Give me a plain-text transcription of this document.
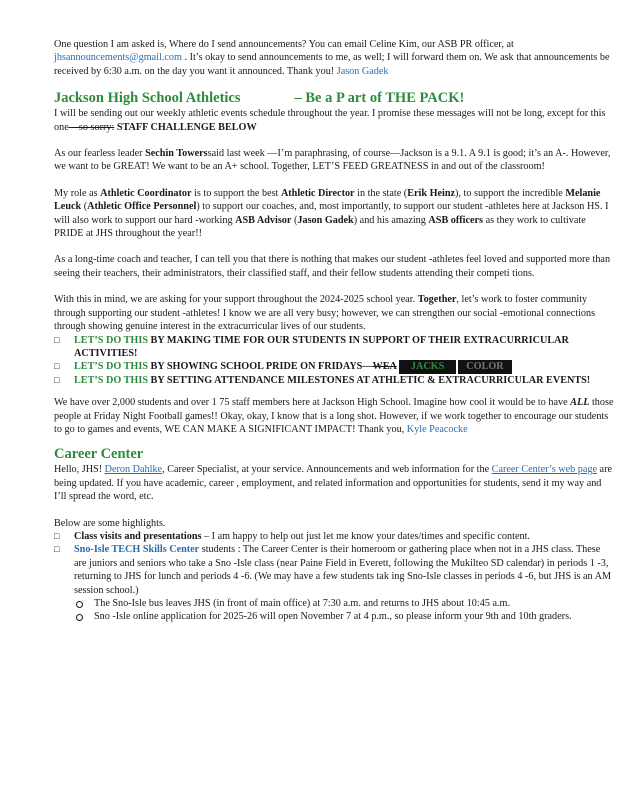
One question I am asked is, Where do I send announcements? You can email Celine Kim, our ASB PR officer, at jhsannouncements@gmail.com . It’s okay to send announcements to me, as well; I will forward them on. We ask that announcements be received by 6:30 a.m. on the day you want it announced. Thank you! Jason Gadek

Jackson High School Athletics	– Be a P art of THE PACK!

I will be sending out our weekly athletic events schedule throughout the year. I promise these messages will not be long, except for this one—so sorry: STAFF CHALLENGE BELOW

As our fearless leader Sechin Towerssaid last week —I’m paraphrasing, of course—Jackson is a 9.1. A 9.1 is good; it’s an A-. However, we want to be GREAT! We want to be an A+ school. Together, LET’S FEED GREATNESS in and out of the classroom!

My role as Athletic Coordinator is to support the best Athletic Director in the state (Erik Heinz), to support the incredible Melanie Leuck (Athletic Office Personnel) to support our coaches, and, most importantly, to support our student -athletes here at Jackson HS. I will also work to support our hard -working ASB Advisor (Jason Gadek) and his amazing ASB officers as they work to cultivate PRIDE at JHS throughout the year!!

As a long-time coach and teacher, I can tell you that there is nothing that makes our student -athletes feel loved and supported more than seeing their teachers, their administrators, their classified staff, and their fellow students attending their competi tions.

With this in mind, we are asking for your support throughout the 2024-2025 school year. Together, let’s work to foster community through supporting our student -athletes! I know we are all very busy; however, we can strengthen our social -emotional connections through showing genuine interest in the extracurricular lives of our students.

□	LET’S DO THIS BY MAKING TIME FOR OUR STUDENTS IN SUPPORT OF THEIR EXTRACURRICULAR ACTIVITIES!
□	LET’S DO THIS BY SHOWING SCHOOL PRIDE ON FRIDAYS—WEA JACKS COLOR
□	LET’S DO THIS BY SETTING ATTENDANCE MILESTONES AT ATHLETIC & EXTRACURRICULAR EVENTS!

We have over 2,000 students and over 1 75 staff members here at Jackson High School. Imagine how cool it would be to have ALL those people at Friday Night Football games!! Okay, okay, I know that is a long shot. However, if we work together to encourage our students to go to games and events, WE CAN MAKE A SIGNIFICANT IMPACT! Thank you, Kyle Peacocke

Career Center

Hello, JHS! Deron Dahlke, Career Specialist, at your service. Announcements and web information for the Career Center’s web page are being updated. If you have academic, career , employment, and related information and opportunities for students, send it my way and I’ll spread the word, etc.

Below are some highlights.

□	Class visits and presentations – I am happy to help out just let me know your dates/times and specific content.
□	Sno-Isle TECH Skills Center students : The Career Center is their homeroom or gathering place when not in a JHS class. These are juniors and seniors who take a Sno -Isle class (near Paine Field in Everett, following the Mukilteo SD calendar) in periods 1 -3, returning to JHS for lunch and periods 4 -6. (We may have a few students tak ing Sno-Isle classes in periods 4 -6, but JHS is an AM session school.)
The Sno-Isle bus leaves JHS (in front of main office) at 7:30 a.m. and returns to JHS about 10:45 a.m.
Sno -Isle online application for 2025-26 will open November 7 at 4 p.m., so please inform your 9th and 10th graders.
